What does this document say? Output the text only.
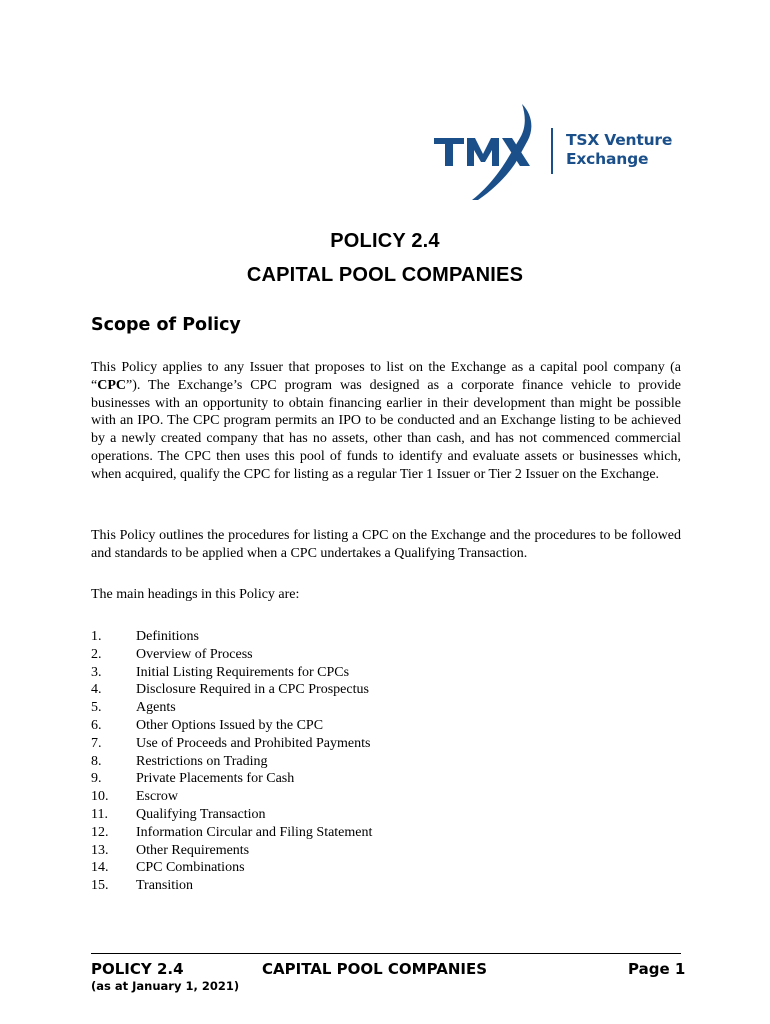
TSX Venture
Exchange
POLICY 2.4
CAPITAL POOL COMPANIES
Scope of Policy
This Policy applies to any Issuer that proposes to list on the Exchange as a capital pool company (a “CPC”). The Exchange’s CPC program was designed as a corporate finance vehicle to provide businesses with an opportunity to obtain financing earlier in their development than might be possible with an IPO. The CPC program permits an IPO to be conducted and an Exchange listing to be achieved by a newly created company that has no assets, other than cash, and has not commenced commercial operations. The CPC then uses this pool of funds to identify and evaluate assets or businesses which, when acquired, qualify the CPC for listing as a regular Tier 1 Issuer or Tier 2 Issuer on the Exchange.
This Policy outlines the procedures for listing a CPC on the Exchange and the procedures to be followed and standards to be applied when a CPC undertakes a Qualifying Transaction.
The main headings in this Policy are:
1. Definitions
2. Overview of Process
3. Initial Listing Requirements for CPCs
4. Disclosure Required in a CPC Prospectus
5. Agents
6. Other Options Issued by the CPC
7. Use of Proceeds and Prohibited Payments
8. Restrictions on Trading
9. Private Placements for Cash
10. Escrow
11. Qualifying Transaction
12. Information Circular and Filing Statement
13. Other Requirements
14. CPC Combinations
15. Transition
POLICY 2.4	CAPITAL POOL COMPANIES	Page 1
(as at January 1, 2021)
